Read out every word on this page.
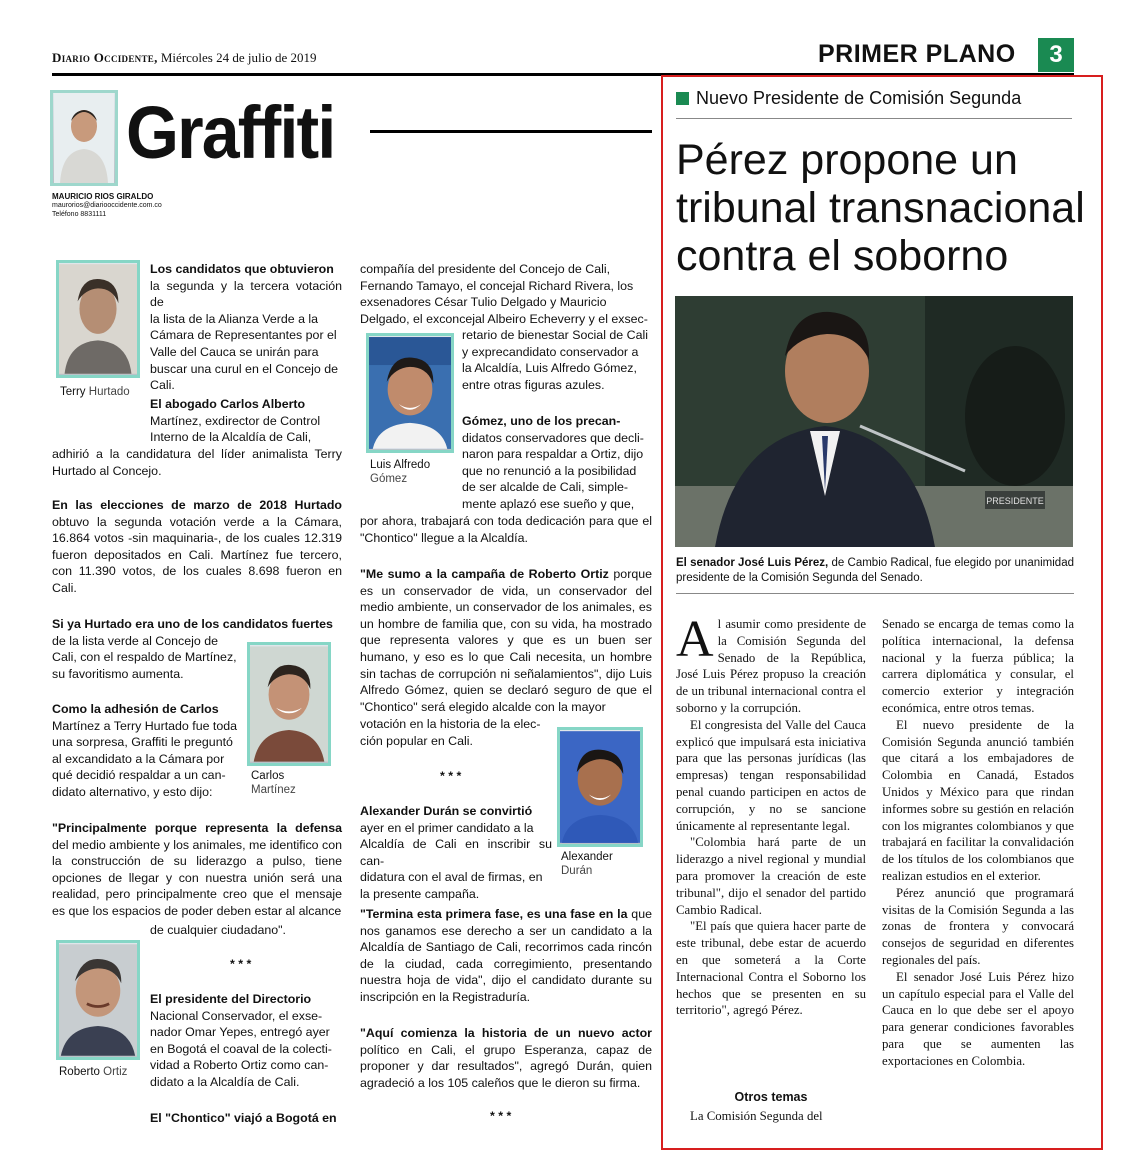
Diario Occidente, Miércoles 24 de julio de 2019	PRIMER PLANO	3
Graffiti
MAURICIO RIOS GIRALDO
maurorios@diariooccidente.com.co
Teléfono 8831111
Terry Hurtado
Los candidatos que obtuvieron
la segunda y la tercera votación de
la lista de la Alianza Verde a la
Cámara de Representantes por el
Valle del Cauca se unirán para
buscar una curul en el Concejo de
Cali.
El abogado Carlos Alberto
Martínez, exdirector de Control
Interno de la Alcaldía de Cali,
adhirió a la candidatura del líder animalista Terry Hurtado al Concejo.
En las elecciones de marzo de 2018 Hurtado obtuvo la segunda votación verde a la Cámara, 16.864 votos -sin maquinaria-, de los cuales 12.319 fueron depositados en Cali. Martínez fue tercero, con 11.390 votos, de los cuales 8.698 fueron en Cali.
Si ya Hurtado era uno de los candidatos fuertes
de la lista verde al Concejo de
Cali, con el respaldo de Martínez,
su favoritismo aumenta.
Carlos
Martínez
Como la adhesión de Carlos
Martínez a Terry Hurtado fue toda
una sorpresa, Graffiti le preguntó
al excandidato a la Cámara por
qué decidió respaldar a un can-
didato alternativo, y esto dijo:
"Principalmente porque representa la defensa del medio ambiente y los animales, me identifico con la construcción de su liderazgo a pulso, tiene opciones de llegar y con nuestra unión será una realidad, pero principalmente creo que el mensaje es que los espacios de poder deben estar al alcance
de cualquier ciudadano".
* * *
Roberto Ortiz
El presidente del Directorio
Nacional Conservador, el exse-
nador Omar Yepes, entregó ayer
en Bogotá el coaval de la colecti-
vidad a Roberto Ortiz como can-
didato a la Alcaldía de Cali.
El "Chontico" viajó a Bogotá en
compañía del presidente del Concejo de Cali,
Fernando Tamayo, el concejal Richard Rivera, los
exsenadores César Tulio Delgado y Mauricio
Delgado, el exconcejal Albeiro Echeverry y el exsec-
Luis Alfredo
Gómez
retario de bienestar Social de Cali
y exprecandidato conservador a
la Alcaldía, Luis Alfredo Gómez,
entre otras figuras azules.
Gómez, uno de los precan-
didatos conservadores que decli-
naron para respaldar a Ortiz, dijo
que no renunció a la posibilidad
de ser alcalde de Cali, simple-
mente aplazó ese sueño y que,
por ahora, trabajará con toda dedicación para que el "Chontico" llegue a la Alcaldía.
"Me sumo a la campaña de Roberto Ortiz porque es un conservador de vida, un conservador del medio ambiente, un conservador de los animales, es un hombre de familia que, con su vida, ha mostrado que representa valores y que es un buen ser humano, y eso es lo que Cali necesita, un hombre sin tachas de corrupción ni señalamientos", dijo Luis Alfredo Gómez, quien se declaró seguro de que el "Chontico" será elegido alcalde con la mayor
votación en la historia de la elec-
ción popular en Cali.
* * *
Alexander
Durán
Alexander Durán se convirtió
ayer en el primer candidato a la
Alcaldía de Cali en inscribir su can-
didatura con el aval de firmas, en
la presente campaña.
"Termina esta primera fase, es una fase en la que nos ganamos ese derecho a ser un candidato a la Alcaldía de Santiago de Cali, recorrimos cada rincón de la ciudad, cada corregimiento, presentando nuestra hoja de vida", dijo el candidato durante su inscripción en la Registraduría.
"Aquí comienza la historia de un nuevo actor político en Cali, el grupo Esperanza, capaz de proponer y dar resultados", agregó Durán, quien agradeció a los 105 caleños que le dieron su firma.
* * *
Nuevo Presidente de Comisión Segunda
Pérez propone un
tribunal transnacional
contra el soborno
PRESIDENTE
El senador José Luis Pérez, de Cambio Radical, fue elegido por unanimidad presidente de la Comisión Segunda del Senado.

Al asumir como presidente de la Comisión Segunda del Senado de la República, José Luis Pérez propuso la creación de un tribunal internacional contra el soborno y la corrupción.

El congresista del Valle del Cauca explicó que impulsará esta iniciativa para que las personas jurídicas (las empresas) tengan responsabilidad penal cuando participen en actos de corrupción, y no se sancione únicamente al representante legal.

"Colombia hará parte de un liderazgo a nivel regional y mundial para promover la creación de este tribunal", dijo el senador del partido Cambio Radical.

"El país que quiera hacer parte de este tribunal, debe estar de acuerdo en que someterá a la Corte Internacional Contra el Soborno los hechos que se presenten en su territorio", agregó Pérez.

Otros temas
La Comisión Segunda del

Senado se encarga de temas como la política internacional, la defensa nacional y la fuerza pública; la carrera diplomática y consular, el comercio exterior y integración económica, entre otros temas.

El nuevo presidente de la Comisión Segunda anunció también que citará a los embajadores de Colombia en Canadá, Estados Unidos y México para que rindan informes sobre su gestión en relación con los migrantes colombianos y que trabajará en facilitar la convalidación de los títulos de los colombianos que realizan estudios en el exterior.

Pérez anunció que programará visitas de la Comisión Segunda a las zonas de frontera y convocará consejos de seguridad en diferentes regionales del país.

El senador José Luis Pérez hizo un capítulo especial para el Valle del Cauca en lo que debe ser el apoyo para generar condiciones favorables para que se aumenten las exportaciones en Colombia.
